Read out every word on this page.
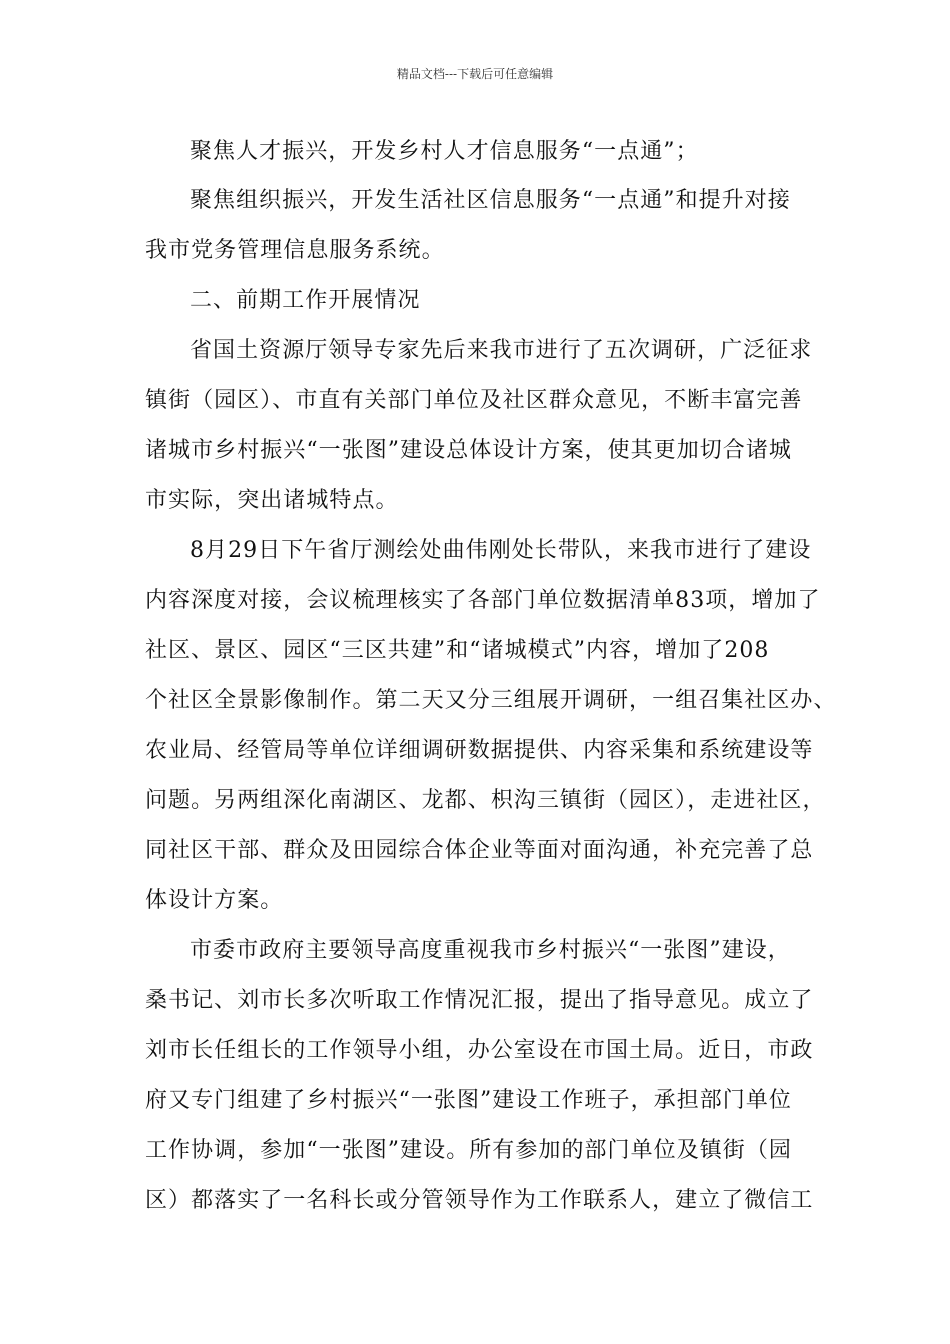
精品文档---下载后可任意编辑
聚焦人才振兴，开发乡村人才信息服务“一点通”；
聚焦组织振兴，开发生活社区信息服务“一点通”和提升对接
我市党务管理信息服务系统。
二、前期工作开展情况
省国土资源厅领导专家先后来我市进行了五次调研，广泛征求
镇街（园区）、市直有关部门单位及社区群众意见，不断丰富完善
诸城市乡村振兴“一张图”建设总体设计方案，使其更加切合诸城
市实际，突出诸城特点。
8月29日下午省厅测绘处曲伟刚处长带队，来我市进行了建设
内容深度对接，会议梳理核实了各部门单位数据清单83项，增加了
社区、景区、园区“三区共建”和“诸城模式”内容，增加了208
个社区全景影像制作。第二天又分三组展开调研，一组召集社区办、
农业局、经管局等单位详细调研数据提供、内容采集和系统建设等
问题。另两组深化南湖区、龙都、枳沟三镇街（园区），走进社区，
同社区干部、群众及田园综合体企业等面对面沟通，补充完善了总
体设计方案。
市委市政府主要领导高度重视我市乡村振兴“一张图”建设，
桑书记、刘市长多次听取工作情况汇报，提出了指导意见。成立了
刘市长任组长的工作领导小组，办公室设在市国土局。近日，市政
府又专门组建了乡村振兴“一张图”建设工作班子，承担部门单位
工作协调，参加“一张图”建设。所有参加的部门单位及镇街（园
区）都落实了一名科长或分管领导作为工作联系人，建立了微信工
